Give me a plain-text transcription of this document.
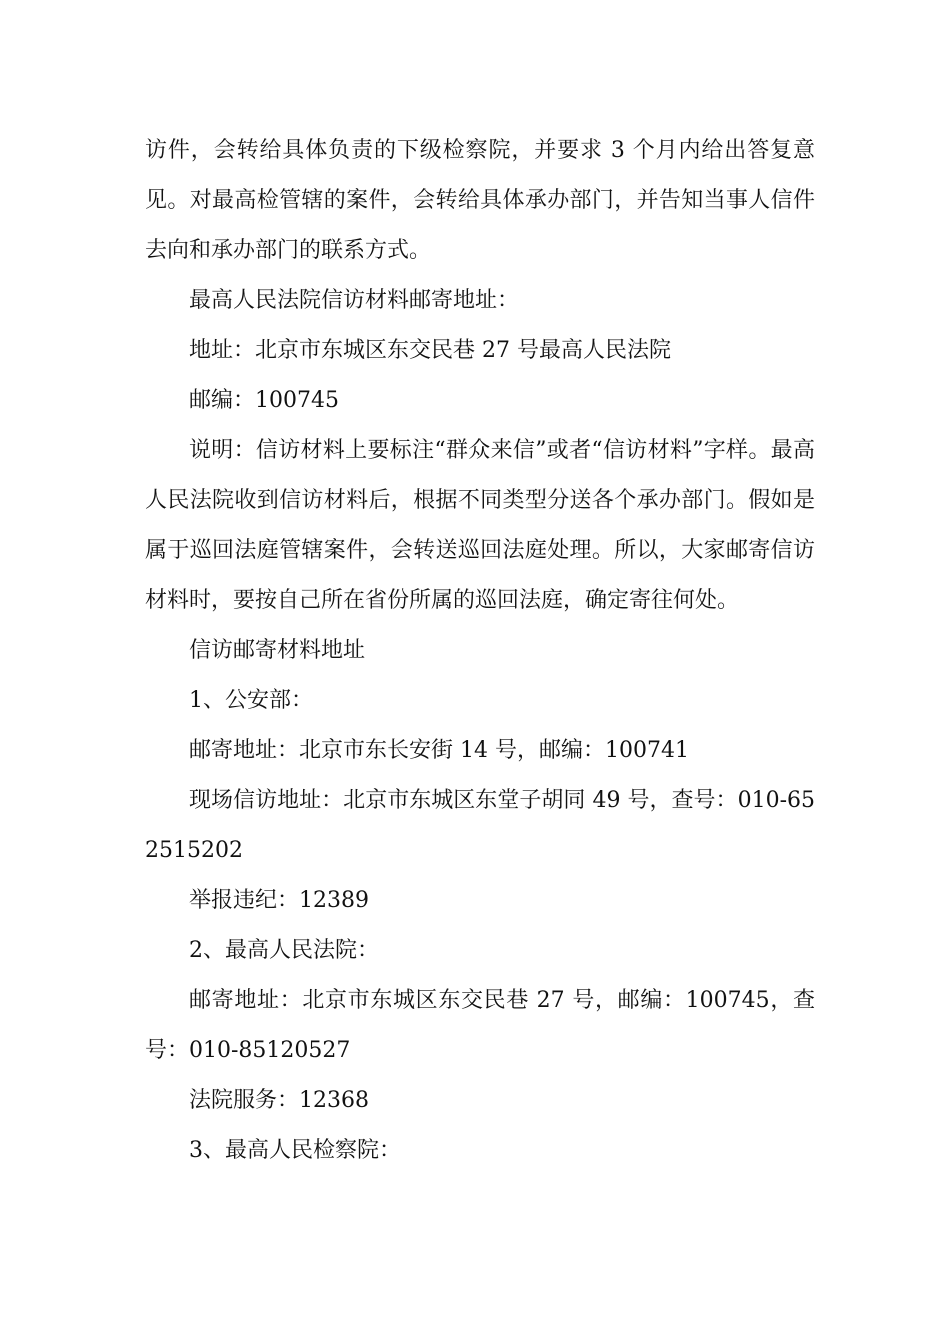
访件，会转给具体负责的下级检察院，并要求 3 个月内给出答复意见。对最高检管辖的案件，会转给具体承办部门，并告知当事人信件去向和承办部门的联系方式。

最高人民法院信访材料邮寄地址：

地址：北京市东城区东交民巷 27 号最高人民法院

邮编：100745

说明：信访材料上要标注“群众来信”或者“信访材料”字样。最高人民法院收到信访材料后，根据不同类型分送各个承办部门。假如是属于巡回法庭管辖案件，会转送巡回法庭处理。所以，大家邮寄信访材料时，要按自己所在省份所属的巡回法庭，确定寄往何处。

信访邮寄材料地址

1、公安部：

邮寄地址：北京市东长安街 14 号，邮编：100741

现场信访地址：北京市东城区东堂子胡同 49 号，查号：010-652515202

举报违纪：12389

2、最高人民法院：

邮寄地址：北京市东城区东交民巷 27 号，邮编：100745，查号：010-85120527

法院服务：12368

3、最高人民检察院：
